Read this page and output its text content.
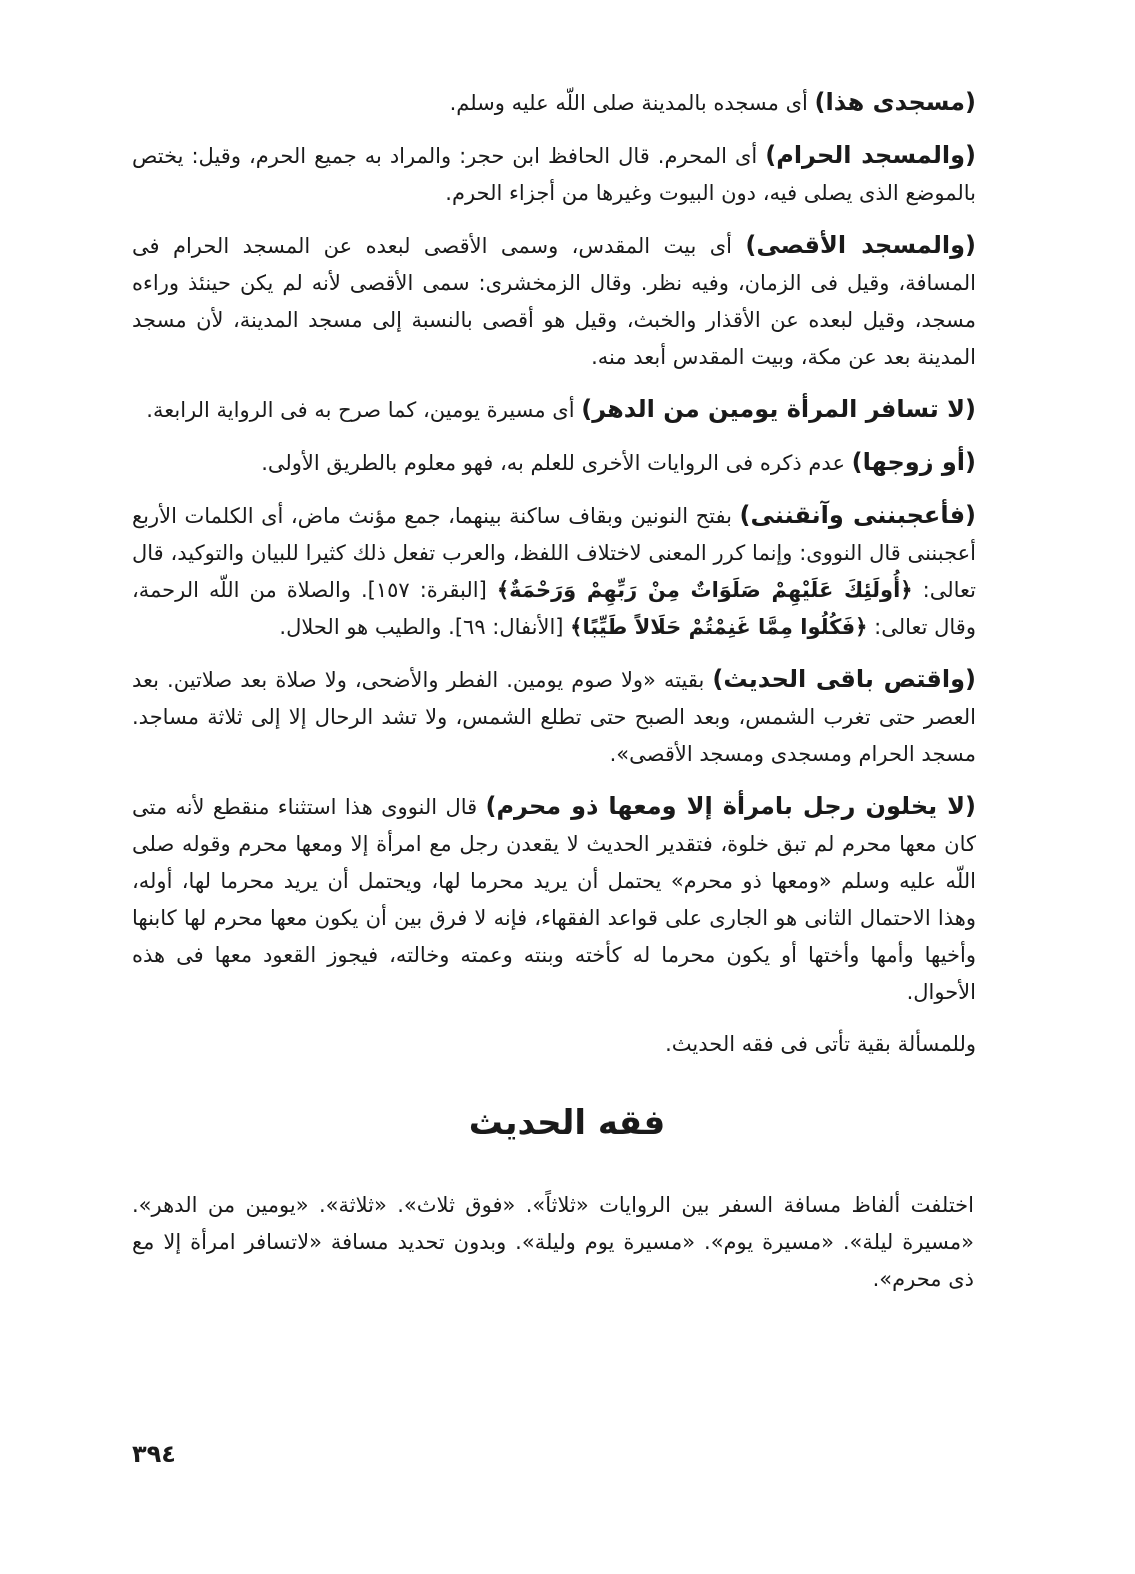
(مسجدى هذا) أى مسجده بالمدينة صلى اللّه عليه وسلم.

(والمسجد الحرام) أى المحرم. قال الحافظ ابن حجر: والمراد به جميع الحرم، وقيل: يختص بالموضع الذى يصلى فيه، دون البيوت وغيرها من أجزاء الحرم.

(والمسجد الأقصى) أى بيت المقدس، وسمى الأقصى لبعده عن المسجد الحرام فى المسافة، وقيل فى الزمان، وفيه نظر. وقال الزمخشرى: سمى الأقصى لأنه لم يكن حينئذ وراءه مسجد، وقيل لبعده عن الأقذار والخبث، وقيل هو أقصى بالنسبة إلى مسجد المدينة، لأن مسجد المدينة بعد عن مكة، وبيت المقدس أبعد منه.

(لا تسافر المرأة يومين من الدهر) أى مسيرة يومين، كما صرح به فى الرواية الرابعة.

(أو زوجها) عدم ذكره فى الروايات الأخرى للعلم به، فهو معلوم بالطريق الأولى.

(فأعجبننى وآنقننى) بفتح النونين وبقاف ساكنة بينهما، جمع مؤنث ماض، أى الكلمات الأربع أعجبننى قال النووى: وإنما كرر المعنى لاختلاف اللفظ، والعرب تفعل ذلك كثيرا للبيان والتوكيد، قال تعالى: ﴿أُولَئِكَ عَلَيْهِمْ صَلَوَاتٌ مِنْ رَبِّهِمْ وَرَحْمَةٌ﴾ [البقرة: ١٥٧]. والصلاة من اللّه الرحمة، وقال تعالى: ﴿فَكُلُوا مِمَّا غَنِمْتُمْ حَلَالاً طَيِّبًا﴾ [الأنفال: ٦٩]. والطيب هو الحلال.

(واقتص باقى الحديث) بقيته «ولا صوم يومين. الفطر والأضحى، ولا صلاة بعد صلاتين. بعد العصر حتى تغرب الشمس، وبعد الصبح حتى تطلع الشمس، ولا تشد الرحال إلا إلى ثلاثة مساجد. مسجد الحرام ومسجدى ومسجد الأقصى».

(لا يخلون رجل بامرأة إلا ومعها ذو محرم) قال النووى هذا استثناء منقطع لأنه متى كان معها محرم لم تبق خلوة، فتقدير الحديث لا يقعدن رجل مع امرأة إلا ومعها محرم وقوله صلى اللّه عليه وسلم «ومعها ذو محرم» يحتمل أن يريد محرما لها، ويحتمل أن يريد محرما لها، أوله، وهذا الاحتمال الثانى هو الجارى على قواعد الفقهاء، فإنه لا فرق بين أن يكون معها محرم لها كابنها وأخيها وأمها وأختها أو يكون محرما له كأخته وبنته وعمته وخالته، فيجوز القعود معها فى هذه الأحوال.

وللمسألة بقية تأتى فى فقه الحديث.

فقه الحديث

اختلفت ألفاظ مسافة السفر بين الروايات «ثلاثاً». «فوق ثلاث». «ثلاثة». «يومين من الدهر». «مسيرة ليلة». «مسيرة يوم». «مسيرة يوم وليلة». وبدون تحديد مسافة «لاتسافر امرأة إلا مع ذى محرم».

٣٩٤
